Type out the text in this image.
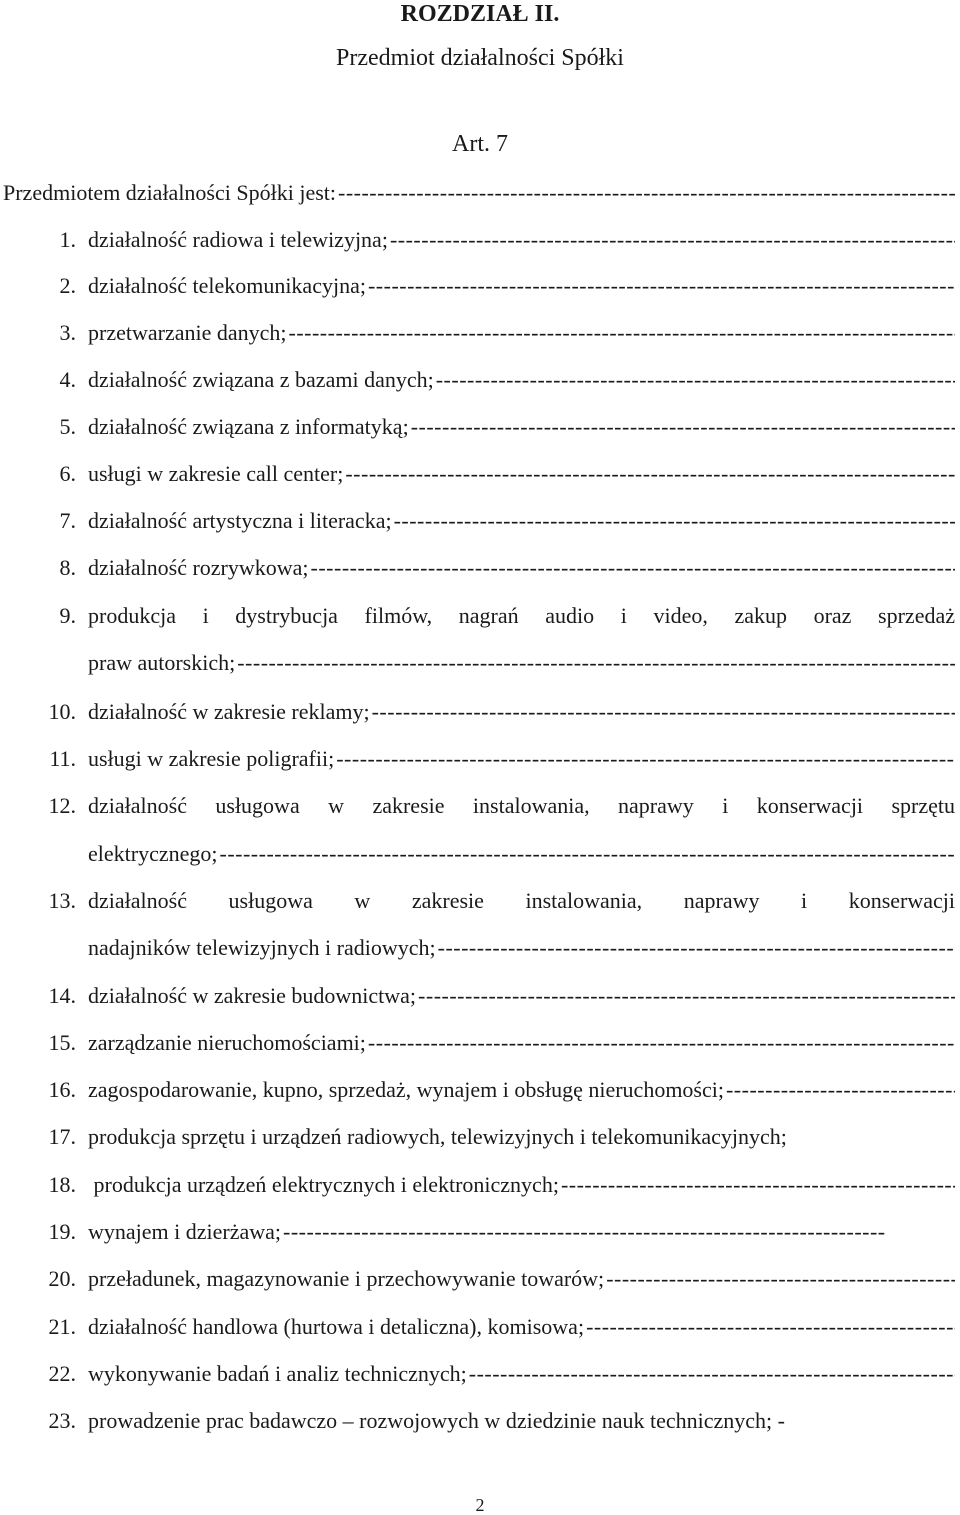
ROZDZIAŁ II.
Przedmiot działalności Spółki
Art. 7
Przedmiotem działalności Spółki jest:
-----
1. działalność radiowa i telewizyjna;
-----
2. działalność telekomunikacyjna;
-----
3. przetwarzanie danych;
-----
4. działalność związana z bazami danych;
-----
5. działalność związana z informatyką;
-----
6. usługi w zakresie call center;
-----
7. działalność artystyczna i literacka;
-----
8. działalność rozrywkowa;
-----
9. produkcja i dystrybucja filmów, nagrań audio i video, zakup oraz sprzedaż
praw autorskich;
-----
10. działalność w zakresie reklamy;
-----
11. usługi w zakresie poligrafii;
-----
12. działalność usługowa w zakresie instalowania, naprawy i konserwacji sprzętu
elektrycznego;
-----
13. działalność usługowa w zakresie instalowania, naprawy i konserwacji
nadajników telewizyjnych i radiowych;
-----
14. działalność w zakresie budownictwa;
-----
15. zarządzanie nieruchomościami;
-----
16. zagospodarowanie, kupno, sprzedaż, wynajem i obsługę nieruchomości;
-----
17. produkcja sprzętu i urządzeń radiowych, telewizyjnych i telekomunikacyjnych;
18. produkcja urządzeń elektrycznych i elektronicznych;
-----
19. wynajem i dzierżawa;
-----
20. przeładunek, magazynowanie i przechowywanie towarów;
-----
21. działalność handlowa (hurtowa i detaliczna), komisowa;
-----
22. wykonywanie badań i analiz technicznych;
-----
23. prowadzenie prac badawczo – rozwojowych w dziedzinie nauk technicznych; -
2
